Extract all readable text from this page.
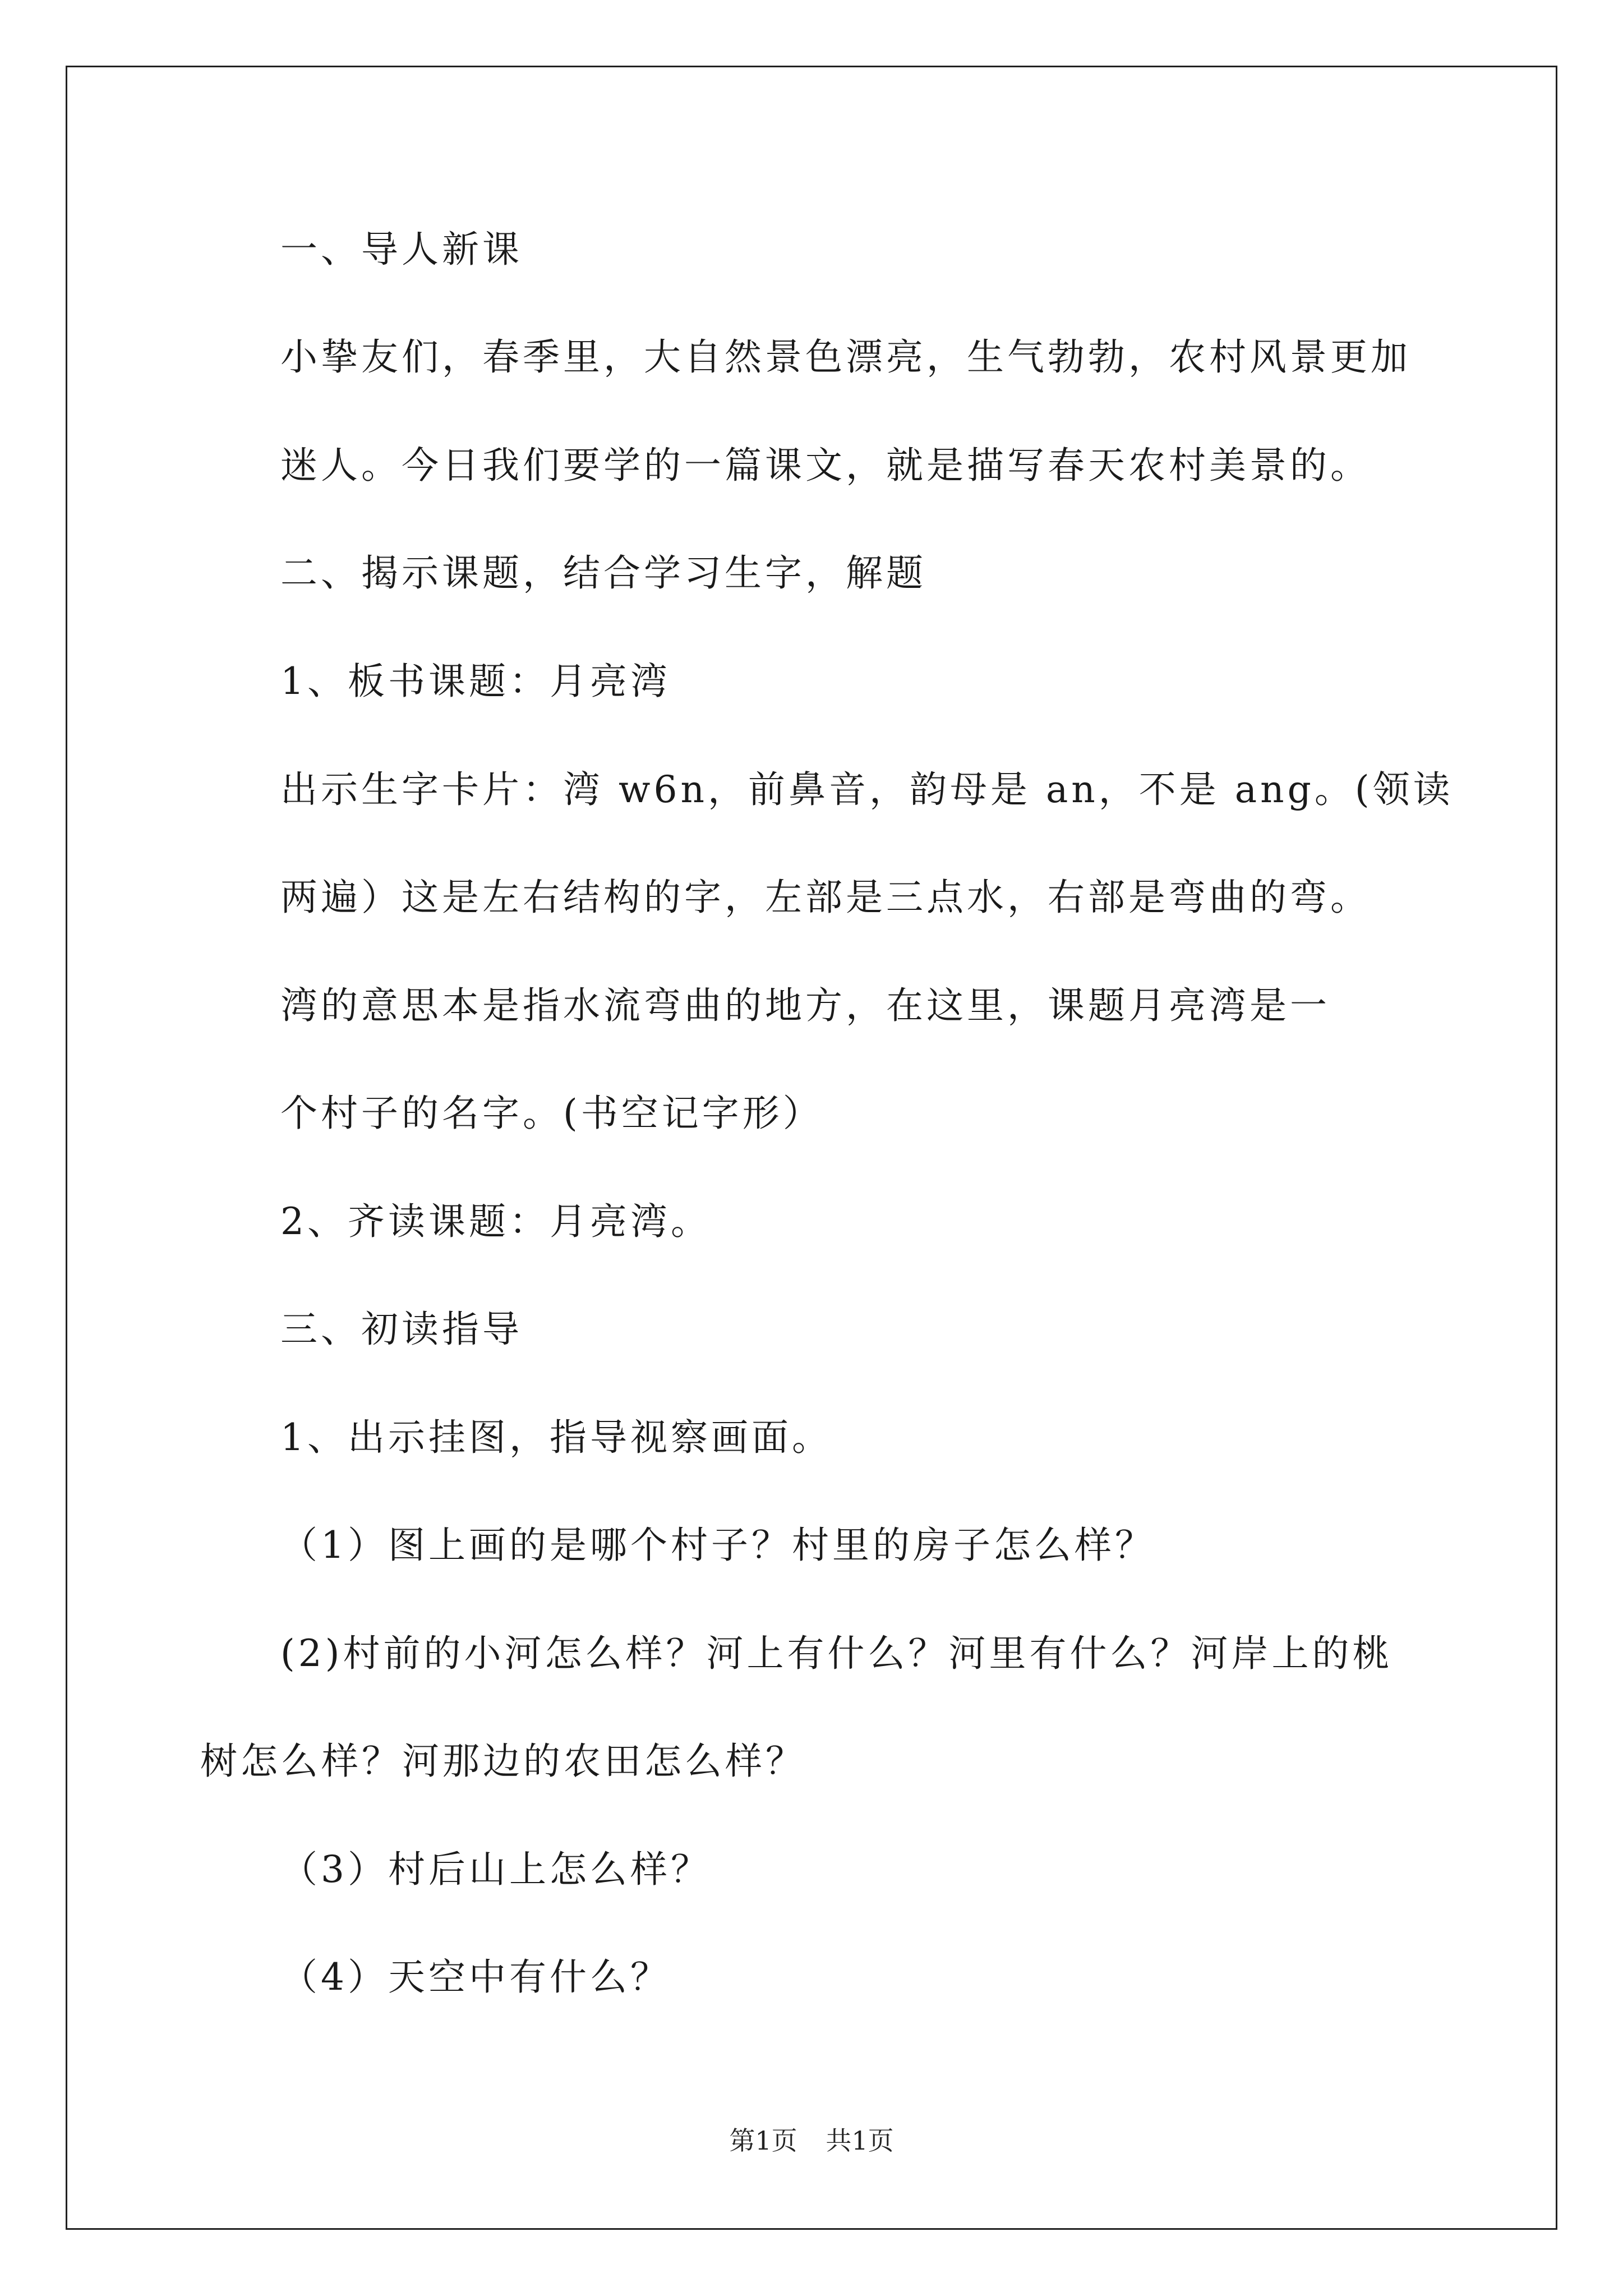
一、导人新课
小挚友们，春季里，大自然景色漂亮，生气勃勃，农村风景更加
迷人。今日我们要学的一篇课文，就是描写春天农村美景的。
二、揭示课题，结合学习生字，解题
1、板书课题：月亮湾
出示生字卡片：湾 w6n，前鼻音，韵母是 an，不是 ang。(领读
两遍）这是左右结构的字，左部是三点水，右部是弯曲的弯。
湾的意思本是指水流弯曲的地方，在这里，课题月亮湾是一
个村子的名字。(书空记字形）
2、齐读课题：月亮湾。
三、初读指导
1、出示挂图，指导视察画面。
（1）图上画的是哪个村子？村里的房子怎么样？
(2)村前的小河怎么样？河上有什么？河里有什么？河岸上的桃
树怎么样？河那边的农田怎么样？
（3）村后山上怎么样？
（4）天空中有什么？
第1页 共1页
